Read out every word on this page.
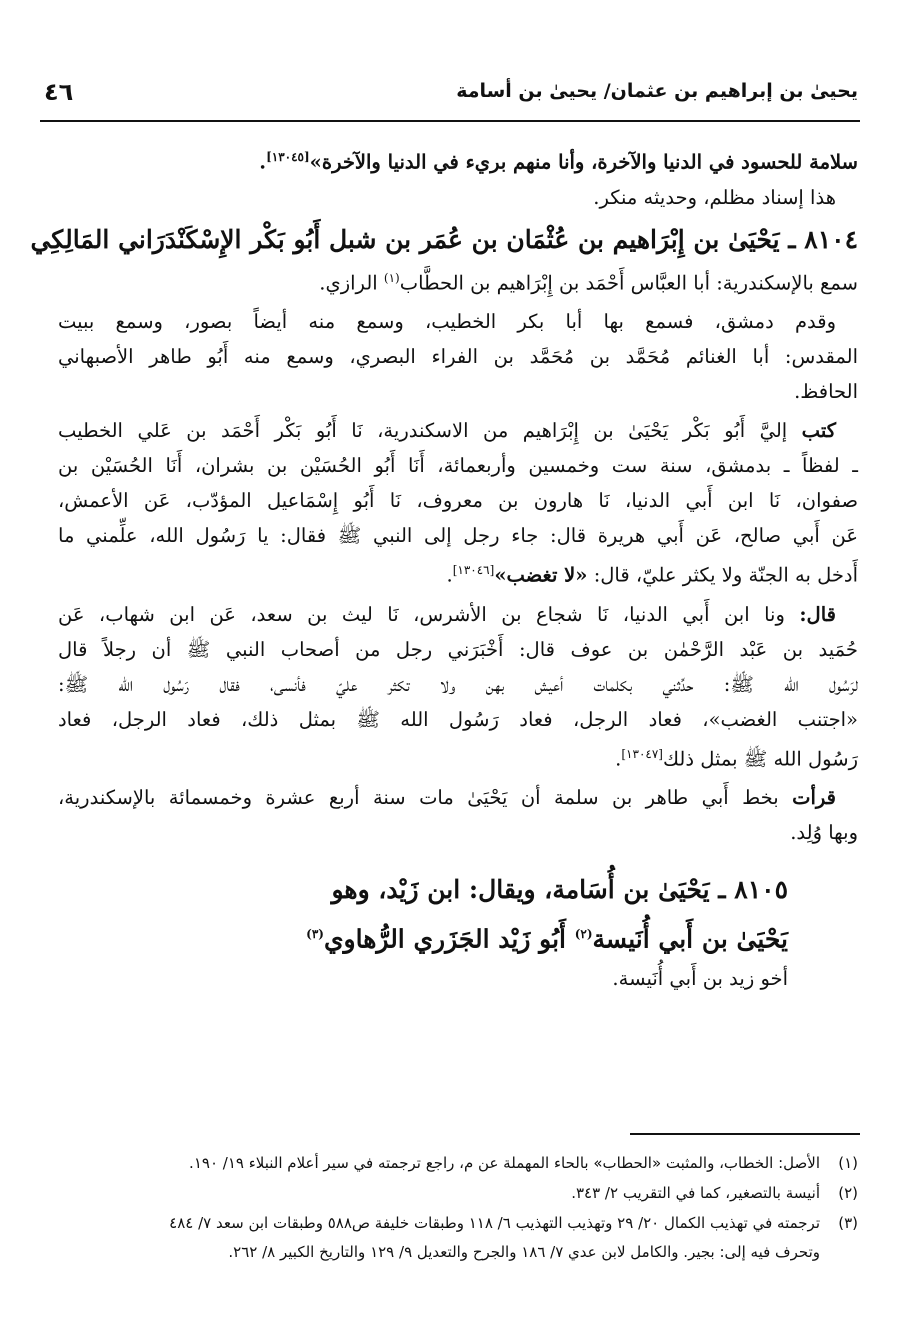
يحيىٰ بن إبراهيم بن عثمان/ يحيىٰ بن أسامة
٤٦
سلامة للحسود في الدنيا والآخرة، وأنا منهم بريء في الدنيا والآخرة»[١٣٠٤٥].
هذا إسناد مظلم، وحديثه منكر.
٨١٠٤ ـ يَحْيَىٰ بن إِبْرَاهيم بن عُثْمَان بن عُمَر بن شبل أَبُو بَكْر الإِسْكَنْدَرَاني المَالِكِي
سمع بالإسكندرية: أبا العبَّاس أَحْمَد بن إِبْرَاهيم بن الحطَّاب$^{(١)}$ الرازي.
وقدم دمشق، فسمع بها أبا بكر الخطيب، وسمع منه أيضاً بصور، وسمع ببيت
المقدس: أبا الغنائم مُحَمَّد بن مُحَمَّد بن الفراء البصري، وسمع منه أَبُو طاهر الأصبهاني
الحافظ.
كتب إليَّ أَبُو بَكْر يَحْيَىٰ بن إِبْرَاهيم من الاسكندرية، نَا أَبُو بَكْر أَحْمَد بن عَلي الخطيب
ـ لفظاً ـ بدمشق، سنة ست وخمسين وأربعمائة، أَنَا أَبُو الحُسَيْن بن بشران، أَنَا الحُسَيْن بن
صفوان، نَا ابن أَبي الدنيا، نَا هارون بن معروف، نَا أَبُو إِسْمَاعيل المؤدّب، عَن الأعمش،
عَن أَبي صالح، عَن أَبي هريرة قال: جاء رجل إلى النبي ﷺ فقال: يا رَسُول الله، علِّمني ما
أَدخل به الجنّة ولا يكثر عليّ، قال: «لا تغضب»[١٣٠٤٦].
قال: ونا ابن أَبي الدنيا، نَا شجاع بن الأشرس، نَا ليث بن سعد، عَن ابن شهاب، عَن
حُمَيد بن عَبْد الرَّحْمٰن بن عوف قال: أَخْبَرَني رجل من أصحاب النبي ﷺ أن رجلاً قال
لرَسُول الله ﷺ: حدِّثني بكلمات أعيش بهن ولا تكثر عليّ فأنسى، فقال رَسُول الله ﷺ:
«اجتنب الغضب»، فعاد الرجل، فعاد رَسُول الله ﷺ بمثل ذلك، فعاد الرجل، فعاد
رَسُول الله ﷺ بمثل ذلك[١٣٠٤٧].
قرأت بخط أَبي طاهر بن سلمة أن يَحْيَىٰ مات سنة أربع عشرة وخمسمائة بالإسكندرية،
وبها وُلِد.
٨١٠٥ ـ يَحْيَىٰ بن أُسَامة، ويقال: ابن زَيْد، وهو
يَحْيَىٰ بن أَبي أُنَيسة$^{(٢)}$ أَبُو زَيْد الجَزَري الرُّهاوي$^{(٣)}$
أخو زيد بن أَبي أُنَيسة.
(١)
الأصل: الخطاب، والمثبت «الحطاب» بالحاء المهملة عن م، راجع ترجمته في سير أعلام النبلاء ١٩/ ١٩٠.
(٢)
أنيسة بالتصغير، كما في التقريب ٢/ ٣٤٣.
(٣)
ترجمته في تهذيب الكمال ٢٠/ ٢٩ وتهذيب التهذيب ٦/ ١١٨ وطبقات خليفة ص٥٨٨ وطبقات ابن سعد ٧/ ٤٨٤
وتحرف فيه إلى: بجير. والكامل لابن عدي ٧/ ١٨٦ والجرح والتعديل ٩/ ١٢٩ والتاريخ الكبير ٨/ ٢٦٢.
